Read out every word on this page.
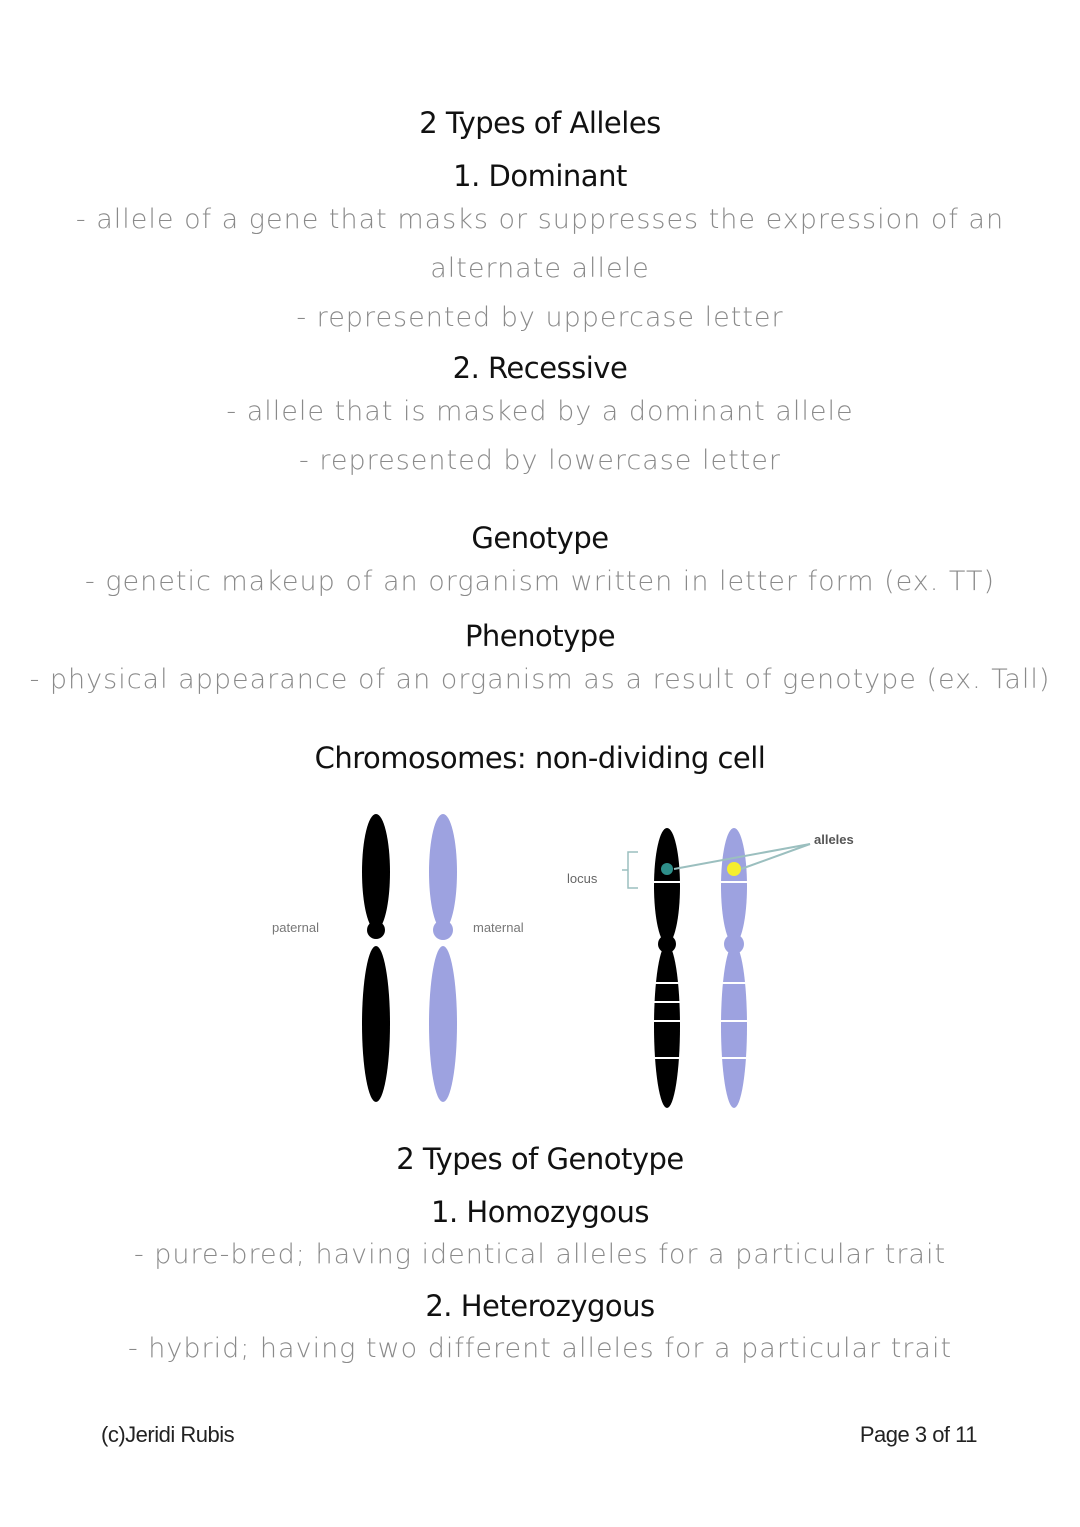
2 Types of Alleles
1. Dominant
- allele of a gene that masks or suppresses the expression of an
alternate allele
- represented by uppercase letter
2. Recessive
- allele that is masked by a dominant allele
- represented by lowercase letter
Genotype
- genetic makeup of an organism written in letter form (ex. TT)
Phenotype
- physical appearance of an organism as a result of genotype (ex. Tall)
Chromosomes: non-dividing cell
paternal	maternal
locus
alleles
2 Types of Genotype
1. Homozygous
- pure-bred; having identical alleles for a particular trait
2. Heterozygous
- hybrid; having two different alleles for a particular trait
(c)Jeridi Rubis	Page 3 of 11
